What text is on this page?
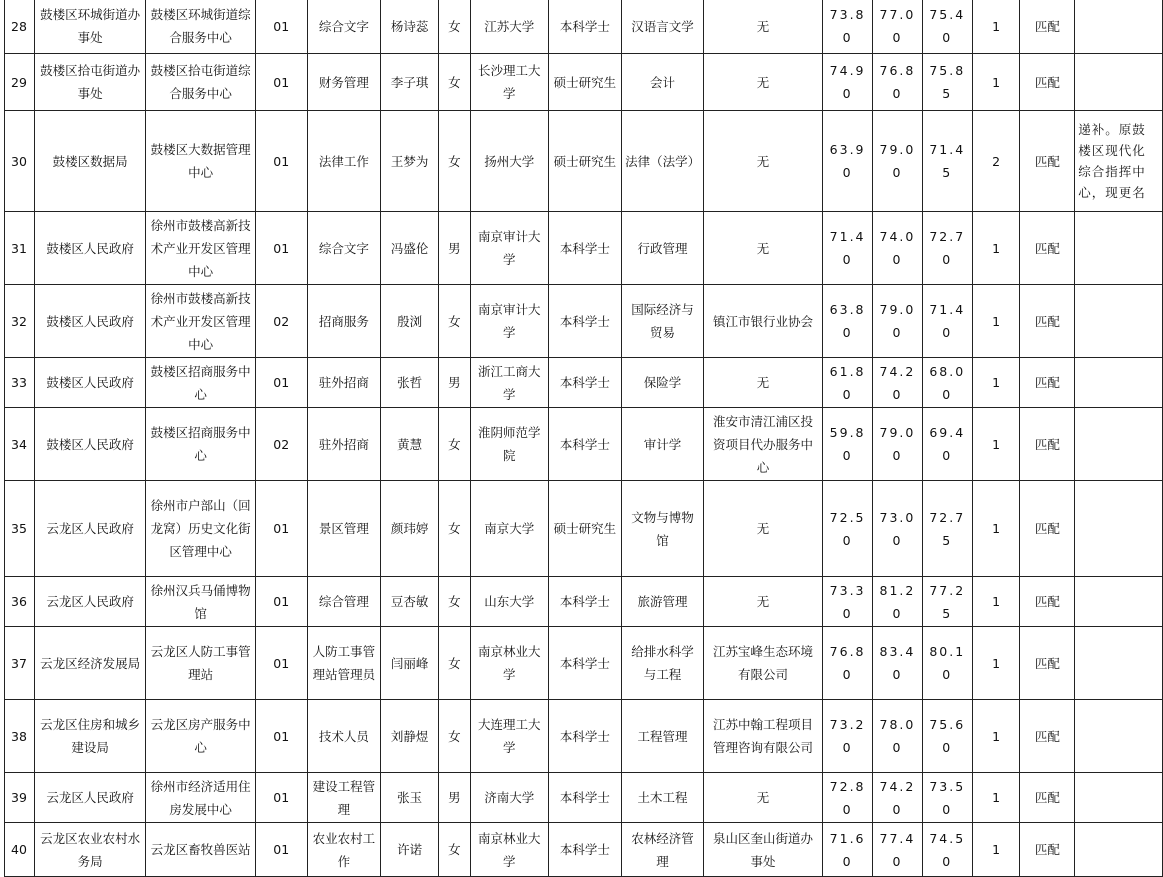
28	鼓楼区环城街道办事处	鼓楼区环城街道综合服务中心	01	综合文字	杨诗蕊	女	江苏大学	本科学士	汉语言文学	无	73.80	77.00	75.40	1	匹配	
29	鼓楼区拾屯街道办事处	鼓楼区拾屯街道综合服务中心	01	财务管理	李子琪	女	长沙理工大学	硕士研究生	会计	无	74.90	76.80	75.85	1	匹配	
30	鼓楼区数据局	鼓楼区大数据管理中心	01	法律工作	王梦为	女	扬州大学	硕士研究生	法律（法学）	无	63.90	79.00	71.45	2	匹配	递补。原鼓楼区现代化综合指挥中心，现更名
31	鼓楼区人民政府	徐州市鼓楼高新技术产业开发区管理中心	01	综合文字	冯盛伦	男	南京审计大学	本科学士	行政管理	无	71.40	74.00	72.70	1	匹配	
32	鼓楼区人民政府	徐州市鼓楼高新技术产业开发区管理中心	02	招商服务	殷浏	女	南京审计大学	本科学士	国际经济与贸易	镇江市银行业协会	63.80	79.00	71.40	1	匹配	
33	鼓楼区人民政府	鼓楼区招商服务中心	01	驻外招商	张哲	男	浙江工商大学	本科学士	保险学	无	61.80	74.20	68.00	1	匹配	
34	鼓楼区人民政府	鼓楼区招商服务中心	02	驻外招商	黄慧	女	淮阴师范学院	本科学士	审计学	淮安市清江浦区投资项目代办服务中心	59.80	79.00	69.40	1	匹配	
35	云龙区人民政府	徐州市户部山（回龙窝）历史文化街区管理中心	01	景区管理	颜玮婷	女	南京大学	硕士研究生	文物与博物馆	无	72.50	73.00	72.75	1	匹配	
36	云龙区人民政府	徐州汉兵马俑博物馆	01	综合管理	豆杏敏	女	山东大学	本科学士	旅游管理	无	73.30	81.20	77.25	1	匹配	
37	云龙区经济发展局	云龙区人防工事管理站	01	人防工事管理站管理员	闫丽峰	女	南京林业大学	本科学士	给排水科学与工程	江苏宝峰生态环境有限公司	76.80	83.40	80.10	1	匹配	
38	云龙区住房和城乡建设局	云龙区房产服务中心	01	技术人员	刘静煜	女	大连理工大学	本科学士	工程管理	江苏中翰工程项目管理咨询有限公司	73.20	78.00	75.60	1	匹配	
39	云龙区人民政府	徐州市经济适用住房发展中心	01	建设工程管理	张玉	男	济南大学	本科学士	土木工程	无	72.80	74.20	73.50	1	匹配	
40	云龙区农业农村水务局	云龙区畜牧兽医站	01	农业农村工作	许诺	女	南京林业大学	本科学士	农林经济管理	泉山区奎山街道办事处	71.60	77.40	74.50	1	匹配	
